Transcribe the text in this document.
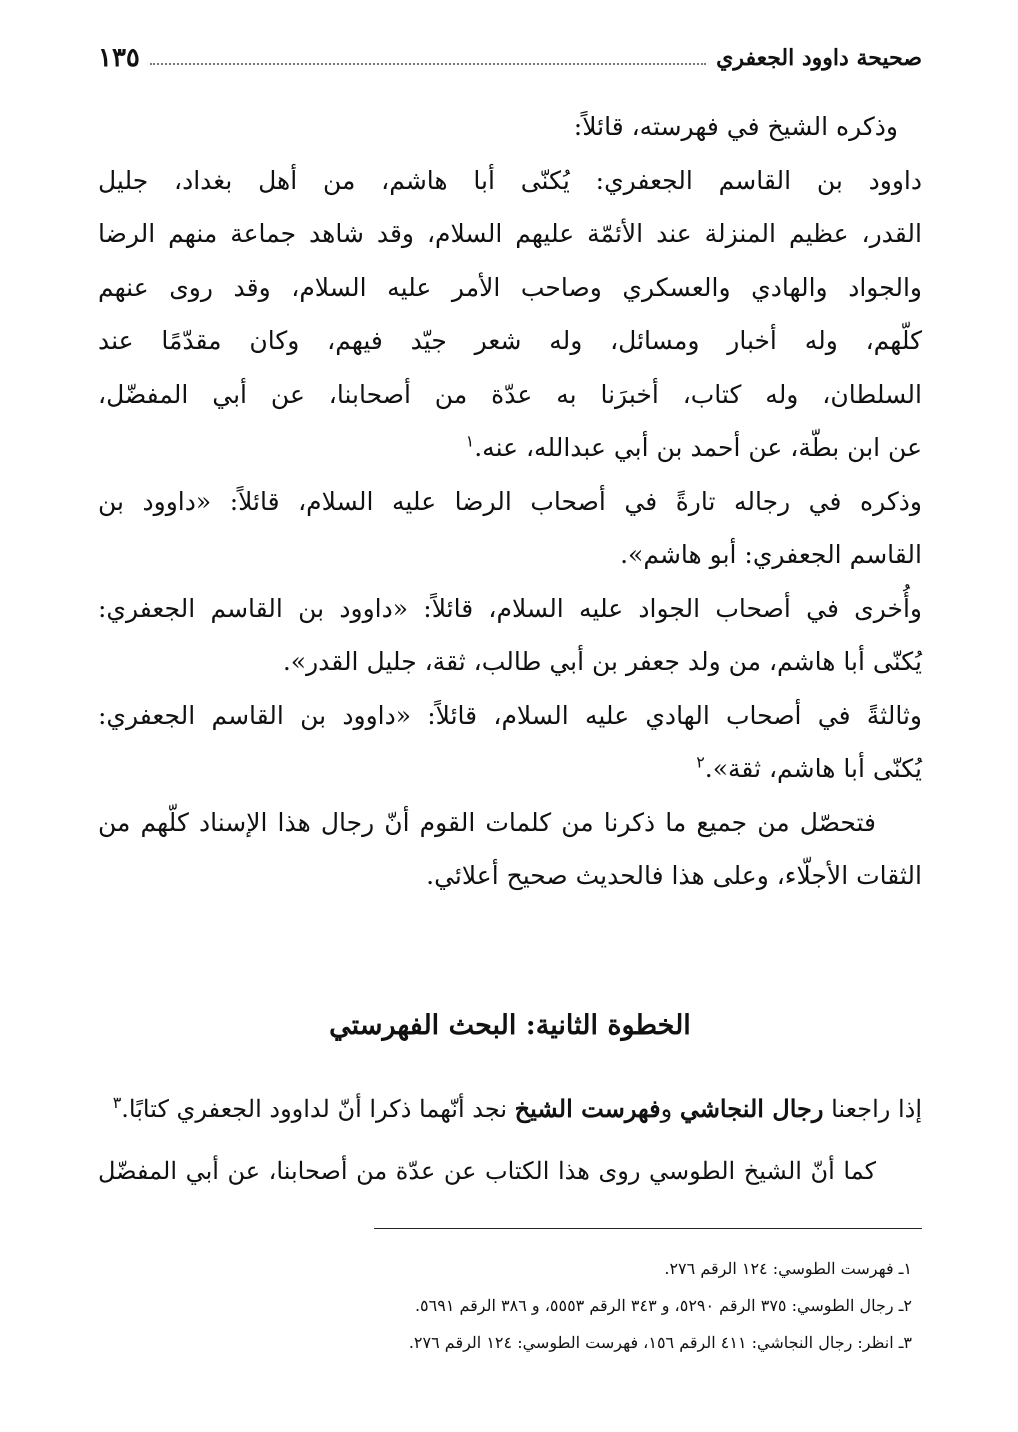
صحيحة داوود الجعفري
١٣٥
وذكره الشيخ في فهرسته، قائلاً:
داوود بن القاسم الجعفري: يُكنّى أبا هاشم، من أهل بغداد، جليل
القدر، عظيم المنزلة عند الأئمّة عليهم السلام، وقد شاهد جماعة منهم الرضا
والجواد والهادي والعسكري وصاحب الأمر عليه السلام، وقد روى عنهم
كلّهم، وله أخبار ومسائل، وله شعر جيّد فيهم، وكان مقدّمًا عند
السلطان، وله كتاب، أخبرَنا به عدّة من أصحابنا، عن أبي المفضّل،
عن ابن بطّة، عن أحمد بن أبي عبدالله، عنه.$^١$
وذكره في رجاله تارةً في أصحاب الرضا عليه السلام، قائلاً: «داوود بن
القاسم الجعفري: أبو هاشم».
وأُخرى في أصحاب الجواد عليه السلام، قائلاً: «داوود بن القاسم الجعفري:
يُكنّى أبا هاشم، من ولد جعفر بن أبي طالب، ثقة، جليل القدر».
وثالثةً في أصحاب الهادي عليه السلام، قائلاً: «داوود بن القاسم الجعفري:
يُكنّى أبا هاشم، ثقة».$^٢$
فتحصّل من جميع ما ذكرنا من كلمات القوم أنّ رجال هذا الإسناد كلّهم من
الثقات الأجلّاء، وعلى هذا فالحديث صحيح أعلائي.
الخطوة الثانية: البحث الفهرستي
إذا راجعنا رجال النجاشي وفهرست الشيخ نجد أنّهما ذكرا أنّ لداوود الجعفري كتابًا.$^٣$
كما أنّ الشيخ الطوسي روى هذا الكتاب عن عدّة من أصحابنا، عن أبي المفضّل
١ـ فهرست الطوسي: ١٢٤ الرقم ٢٧٦.
٢ـ رجال الطوسي: ٣٧٥ الرقم ٥٢٩٠، و ٣٤٣ الرقم ٥٥٥٣، و ٣٨٦ الرقم ٥٦٩١.
٣ـ انظر: رجال النجاشي: ٤١١ الرقم ١٥٦، فهرست الطوسي: ١٢٤ الرقم ٢٧٦.
